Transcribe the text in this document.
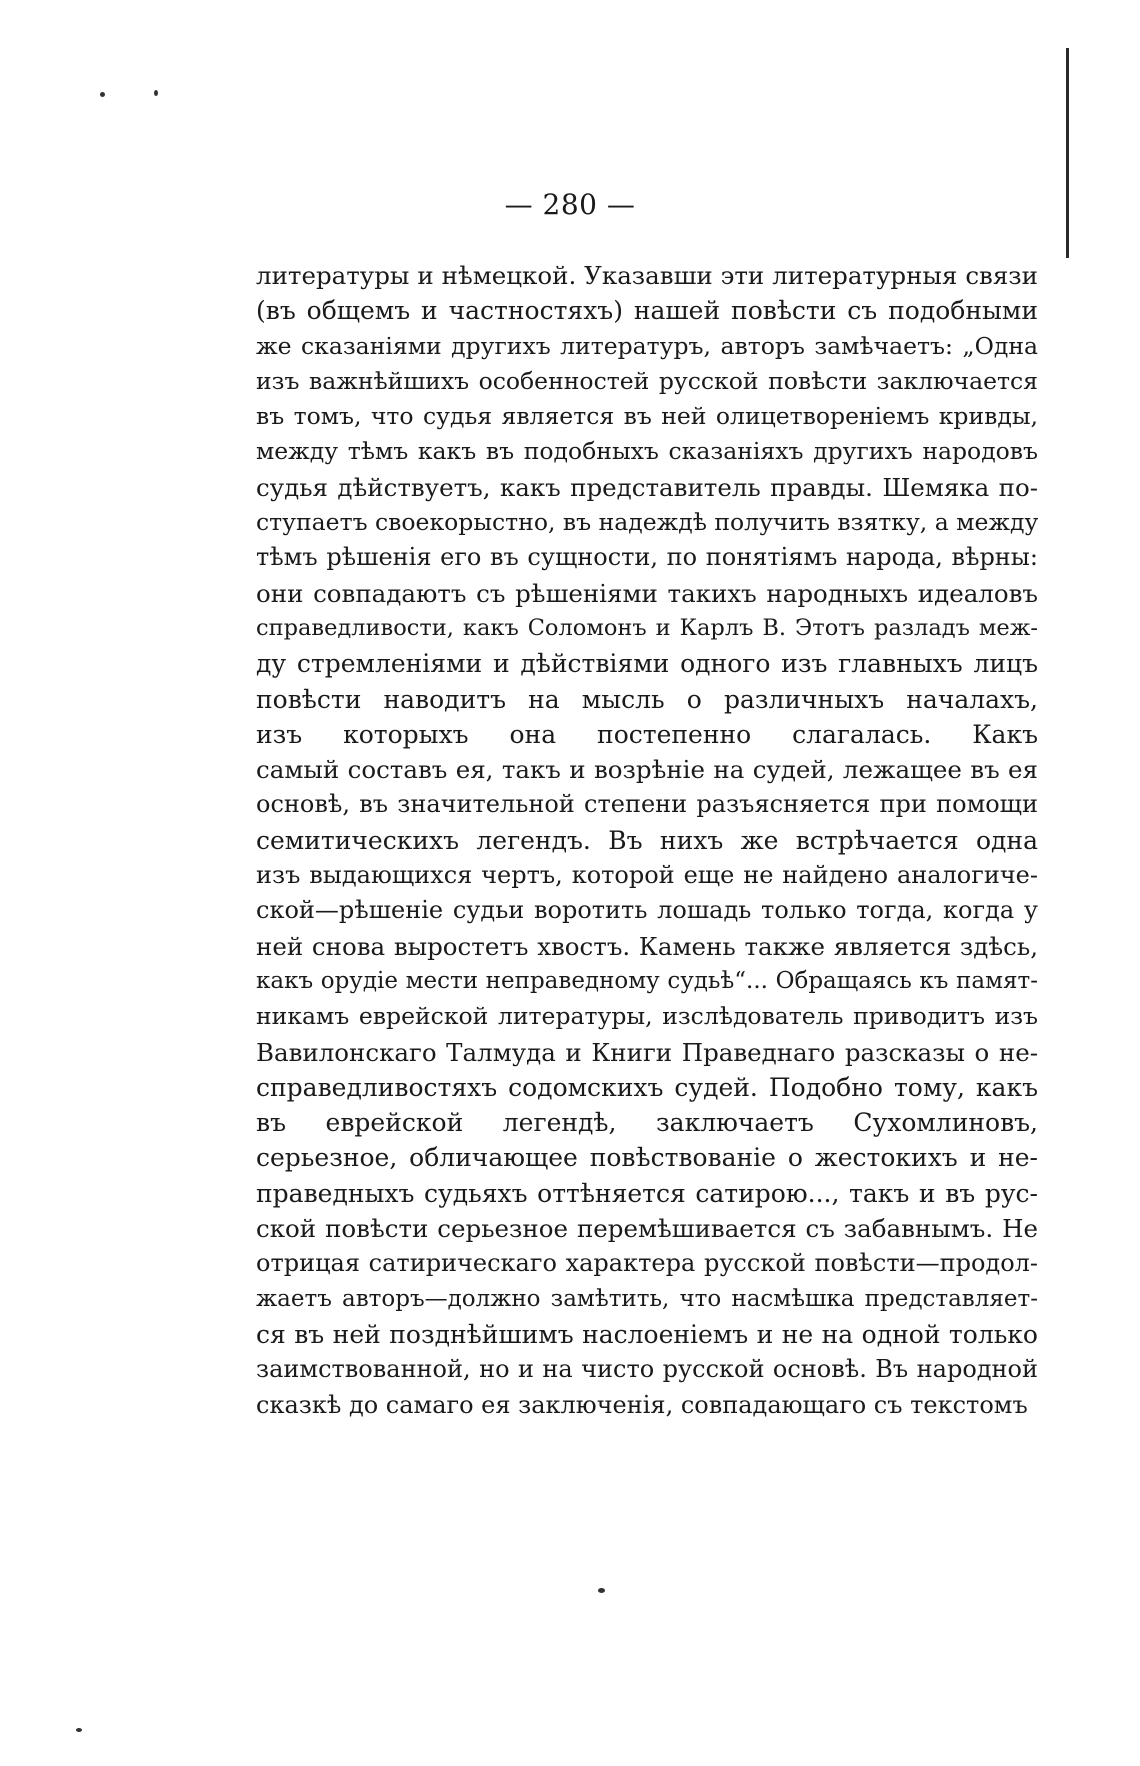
— 280 —
литературы и нѣмецкой. Указавши эти литературныя связи
(въ общемъ и частностяхъ) нашей повѣсти съ подобными
же сказаніями другихъ литературъ, авторъ замѣчаетъ: „Одна
изъ важнѣйшихъ особенностей русской повѣсти заключается
въ томъ, что судья является въ ней олицетвореніемъ кривды,
между тѣмъ какъ въ подобныхъ сказаніяхъ другихъ народовъ
судья дѣйствуетъ, какъ представитель правды. Шемяка по-
ступаетъ своекорыстно, въ надеждѣ получить взятку, а между
тѣмъ рѣшенія его въ сущности, по понятіямъ народа, вѣрны:
они совпадаютъ съ рѣшеніями такихъ народныхъ идеаловъ
справедливости, какъ Соломонъ и Карлъ В. Этотъ разладъ меж-
ду стремленіями и дѣйствіями одного изъ главныхъ лицъ
повѣсти наводитъ на мысль о различныхъ началахъ,
изъ которыхъ она постепенно слагалась. Какъ
самый составъ ея, такъ и возрѣніе на судей, лежащее въ ея
основѣ, въ значительной степени разъясняется при помощи
семитическихъ легендъ. Въ нихъ же встрѣчается одна
изъ выдающихся чертъ, которой еще не найдено аналогиче-
ской—рѣшеніе судьи воротить лошадь только тогда, когда у
ней снова выростетъ хвостъ. Камень также является здѣсь,
какъ орудіе мести неправедному судьѣ“... Обращаясь къ памят-
никамъ еврейской литературы, изслѣдователь приводитъ изъ
Вавилонскаго Талмуда и Книги Праведнаго разсказы о не-
справедливостяхъ содомскихъ судей. Подобно тому, какъ
въ еврейской легендѣ, заключаетъ Сухомлиновъ,
серьезное, обличающее повѣствованіе о жестокихъ и не-
праведныхъ судьяхъ оттѣняется сатирою..., такъ и въ рус-
ской повѣсти серьезное перемѣшивается съ забавнымъ. Не
отрицая сатирическаго характера русской повѣсти—продол-
жаетъ авторъ—должно замѣтить, что насмѣшка представляет-
ся въ ней позднѣйшимъ наслоеніемъ и не на одной только
заимствованной, но и на чисто русской основѣ. Въ народной
сказкѣ до самаго ея заключенія, совпадающаго съ текстомъ
